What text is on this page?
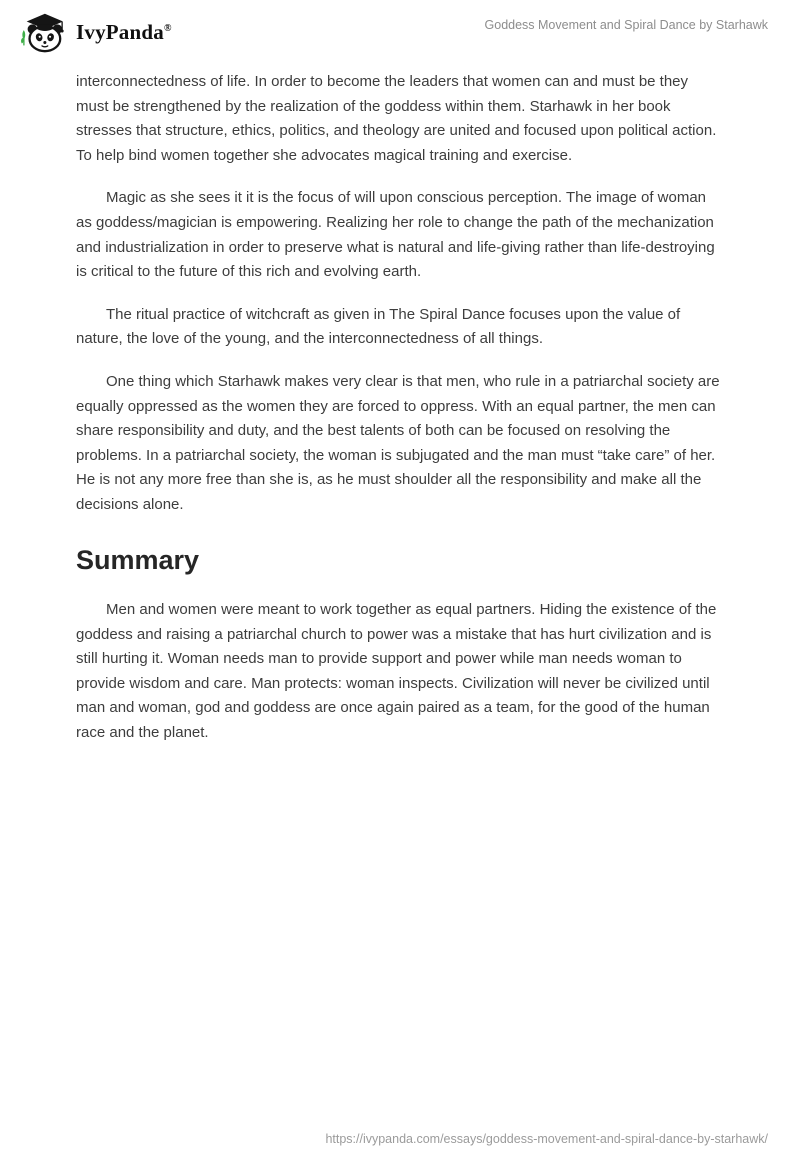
IvyPanda®	Goddess Movement and Spiral Dance by Starhawk

interconnectedness of life. In order to become the leaders that women can and must be they must be strengthened by the realization of the goddess within them. Starhawk in her book stresses that structure, ethics, politics, and theology are united and focused upon political action. To help bind women together she advocates magical training and exercise.

Magic as she sees it it is the focus of will upon conscious perception. The image of woman as goddess/magician is empowering. Realizing her role to change the path of the mechanization and industrialization in order to preserve what is natural and life-giving rather than life-destroying is critical to the future of this rich and evolving earth.

The ritual practice of witchcraft as given in The Spiral Dance focuses upon the value of nature, the love of the young, and the interconnectedness of all things.

One thing which Starhawk makes very clear is that men, who rule in a patriarchal society are equally oppressed as the women they are forced to oppress. With an equal partner, the men can share responsibility and duty, and the best talents of both can be focused on resolving the problems. In a patriarchal society, the woman is subjugated and the man must “take care” of her. He is not any more free than she is, as he must shoulder all the responsibility and make all the decisions alone.

Summary

Men and women were meant to work together as equal partners. Hiding the existence of the goddess and raising a patriarchal church to power was a mistake that has hurt civilization and is still hurting it. Woman needs man to provide support and power while man needs woman to provide wisdom and care. Man protects: woman inspects. Civilization will never be civilized until man and woman, god and goddess are once again paired as a team, for the good of the human race and the planet.

https://ivypanda.com/essays/goddess-movement-and-spiral-dance-by-starhawk/
